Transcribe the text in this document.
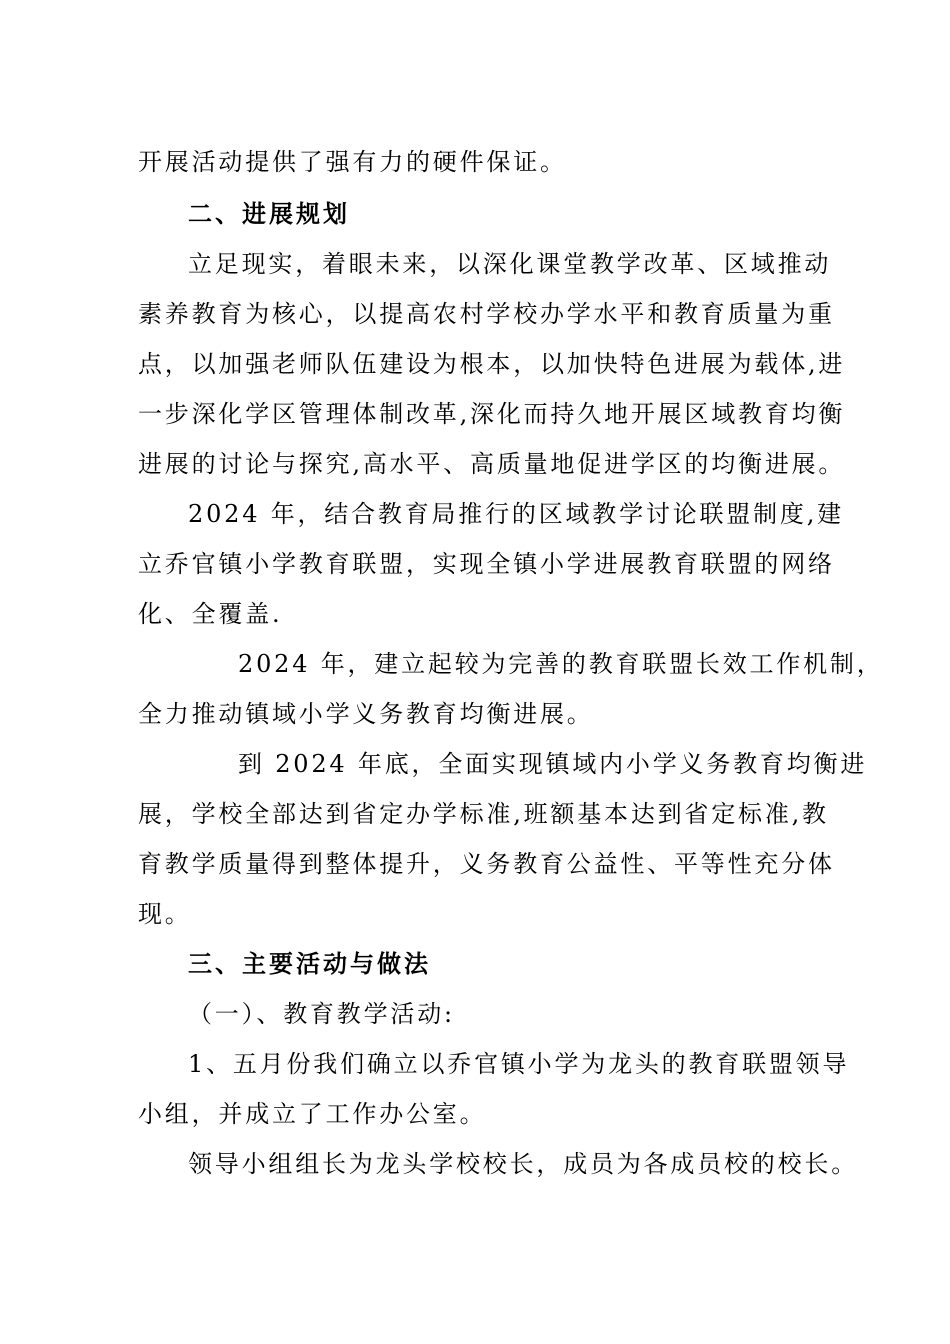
开展活动提供了强有力的硬件保证。
二、进展规划
立足现实，着眼未来，以深化课堂教学改革、区域推动
素养教育为核心，以提高农村学校办学水平和教育质量为重
点，以加强老师队伍建设为根本，以加快特色进展为载体,进
一步深化学区管理体制改革,深化而持久地开展区域教育均衡
进展的讨论与探究,高水平、高质量地促进学区的均衡进展。
2024 年，结合教育局推行的区域教学讨论联盟制度,建
立乔官镇小学教育联盟，实现全镇小学进展教育联盟的网络
化、全覆盖.
2024 年，建立起较为完善的教育联盟长效工作机制，
全力推动镇域小学义务教育均衡进展。
到 2024 年底，全面实现镇域内小学义务教育均衡进
展，学校全部达到省定办学标准,班额基本达到省定标准,教
育教学质量得到整体提升，义务教育公益性、平等性充分体
现。
三、主要活动与做法
（一）、教育教学活动:
1、五月份我们确立以乔官镇小学为龙头的教育联盟领导
小组，并成立了工作办公室。
领导小组组长为龙头学校校长，成员为各成员校的校长。
